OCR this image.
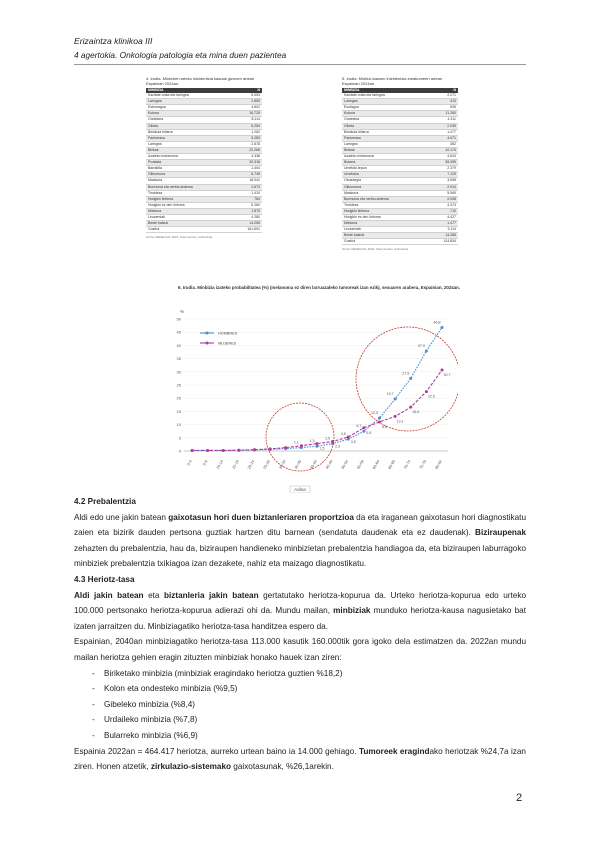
Erizaintza klinikoa III
4 agertokia. Onkologia patologia eta mina duen pazientea
4. Irudia. Minbizien arteko intzidentzia kasuak gizonen artean Espainian 2024an.
MINBIZIA	N
Kavitate orala eta faringea	5.053
Laringea	2.850
Estomagoa	4.802
Kolona	16.725
Ondestea	8.114
Gibela	5.254
Besikula biliarra	1.262
Pankreasa	5.283
Laringea	2.878
Birikak	22.266
Azaleko melanoma	4.338
Prostata	30.316
Barrabila	1.404
Giltzurruna	6.745
Maskuria	18.041
Burmuina eta nerbio-sistema	2.673
Tiroidesa	1.410
Hodgkin linfoma	784
Hodgkin ez den linfoma	5.260
Mieloma	1.870
Leuzemiak	4.280
Beste batzuk	14.256
Guztira	161.691
Iturria: REDECAN, 2024. Kasu berrien estimazioa
5. Irudia. Minbizi-kasuen intzidentzia emakumeen artean Espainian 2024an.
MINBIZIA	N
Kavitate orala eta faringea	2.271
Laringea	413
Esofagoa	535
Kolona	11.260
Ondestea	4.311
Gibela	2.035
Besikula biliarra	1.477
Pankreasa	4.671
Laringea	382
Birikak	10.174
Azaleko melanoma	4.543
Bularra	36.395
Umetoki-lepoa	2.379
Umetokia	7.129
Obulutegia	3.598
Giltzurruna	2.914
Maskuria	5.069
Burmuina eta nerbio-sistema	2.008
Tiroidesa	4.373
Hodgkin linfoma	710
Hodgkin ez den linfoma	4.427
Mieloma	1.477
Leuzemiak	3.114
Beste batzuk	14.256
Guztira	124.834
Iturria: REDECAN, 2024. Kasu berrien estimazioa
6. Irudia. Minbizia izateko probabilitatea (%) (melanoma ez diren larruazaleko tumoreak izan ezik), sexuaren arabera, Espainian, 2024an.
0
5
10
15
20
25
30
35
40
45
50
%
0-4 5-9 10-14 15-19 20-24 25-29 30-34 35-39 40-44 45-49 50-54 55-59 60-64 65-69 70-74 75-79 80-84
Adina
1,1	1,3
2,5
4,5
6,7
12,5
19,7
27,5
37,9
46,8
HOMBRES
1,5
2,3
3,5
5,5
8,8
13,1
16,6
22,5
30,7
MUJERES
4.2 Prebalentzia

Aldi edo une jakin batean gaixotasun hori duen biztanleriaren proportzioa da eta iraganean gaixotasun hori diagnostikatu zaien eta bizirik dauden pertsona guztiak hartzen ditu barnean (sendatuta daudenak eta ez daudenak). Biziraupenak zehazten du prebalentzia, hau da, biziraupen handieneko minbizietan prebalentzia handiagoa da, eta biziraupen laburragoko minbiziek prebalentzia txikiagoa izan dezakete, nahiz eta maizago diagnostikatu.

4.3 Heriotz-tasa

Aldi jakin batean eta biztanleria jakin batean gertatutako heriotza-kopurua da. Urteko heriotza-kopurua edo urteko 100.000 pertsonako heriotza-kopurua adierazi ohi da. Mundu mailan, minbiziak munduko heriotza-kausa nagusietako bat izaten jarraitzen du. Minbiziagatiko heriotza-tasa handitzea espero da.

Espainian, 2040an minbiziagatiko heriotza-tasa 113.000 kasutik 160.000tik gora igoko dela estimatzen da. 2022an mundu mailan heriotza gehien eragin zituzten minbiziak honako hauek izan ziren:

- Biriketako minbizia (minbiziak eragindako heriotza guztien %18,2)
- Kolon eta ondesteko minbizia (%9,5)
- Gibeleko minbizia (%8,4)
- Urdaileko minbizia (%7,8)
- Bularreko minbizia (%6,9)

Espainia 2022an = 464.417 heriotza, aurreko urtean baino ia 14.000 gehiago. Tumoreek eragindako heriotzak %24,7a izan ziren. Honen atzetik, zirkulazio-sistemako gaixotasunak, %26,1arekin.

2
